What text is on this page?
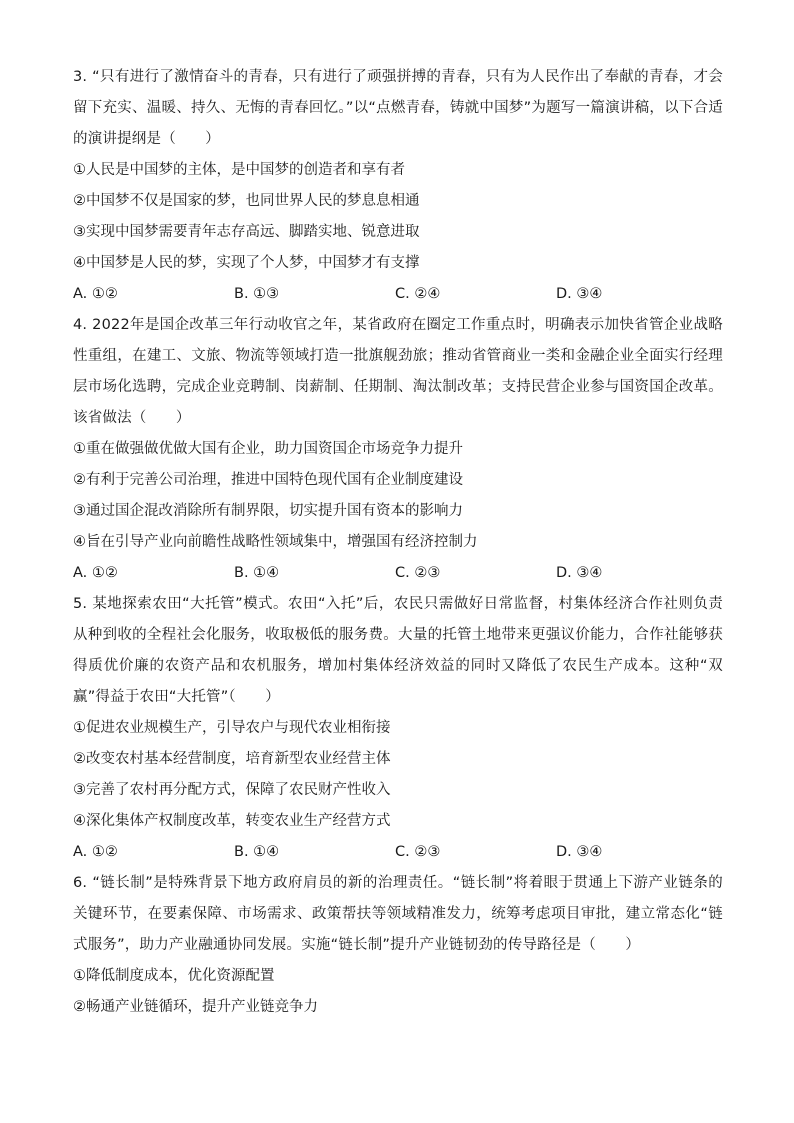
3. “只有进行了激情奋斗的青春，只有进行了顽强拼搏的青春，只有为人民作出了奉献的青春，才会留下充实、温暖、持久、无悔的青春回忆。”以“点燃青春，铸就中国梦”为题写一篇演讲稿，以下合适的演讲提纲是（　　）

①人民是中国梦的主体，是中国梦的创造者和享有者

②中国梦不仅是国家的梦，也同世界人民的梦息息相通

③实现中国梦需要青年志存高远、脚踏实地、锐意进取

④中国梦是人民的梦，实现了个人梦，中国梦才有支撑

A. ①②	B. ①③	C. ②④	D. ③④

4. 2022年是国企改革三年行动收官之年，某省政府在圈定工作重点时，明确表示加快省管企业战略性重组，在建工、文旅、物流等领域打造一批旗舰劲旅；推动省管商业一类和金融企业全面实行经理层市场化选聘，完成企业竞聘制、岗薪制、任期制、淘汰制改革；支持民营企业参与国资国企改革。该省做法（　　）

①重在做强做优做大国有企业，助力国资国企市场竞争力提升

②有利于完善公司治理，推进中国特色现代国有企业制度建设

③通过国企混改消除所有制界限，切实提升国有资本的影响力

④旨在引导产业向前瞻性战略性领域集中，增强国有经济控制力

A. ①②	B. ①④	C. ②③	D. ③④

5. 某地探索农田“大托管”模式。农田“入托”后，农民只需做好日常监督，村集体经济合作社则负责从种到收的全程社会化服务，收取极低的服务费。大量的托管土地带来更强议价能力，合作社能够获得质优价廉的农资产品和农机服务，增加村集体经济效益的同时又降低了农民生产成本。这种“双赢”得益于农田“大托管”（　　）

①促进农业规模生产，引导农户与现代农业相衔接

②改变农村基本经营制度，培育新型农业经营主体

③完善了农村再分配方式，保障了农民财产性收入

④深化集体产权制度改革，转变农业生产经营方式

A. ①②	B. ①④	C. ②③	D. ③④

6. “链长制”是特殊背景下地方政府肩员的新的治理责任。“链长制”将着眼于贯通上下游产业链条的关键环节，在要素保障、市场需求、政策帮扶等领域精准发力，统筹考虑项目审批，建立常态化“链式服务”，助力产业融通协同发展。实施“链长制”提升产业链韧劲的传导路径是（　　）

①降低制度成本，优化资源配置

②畅通产业链循环，提升产业链竞争力
